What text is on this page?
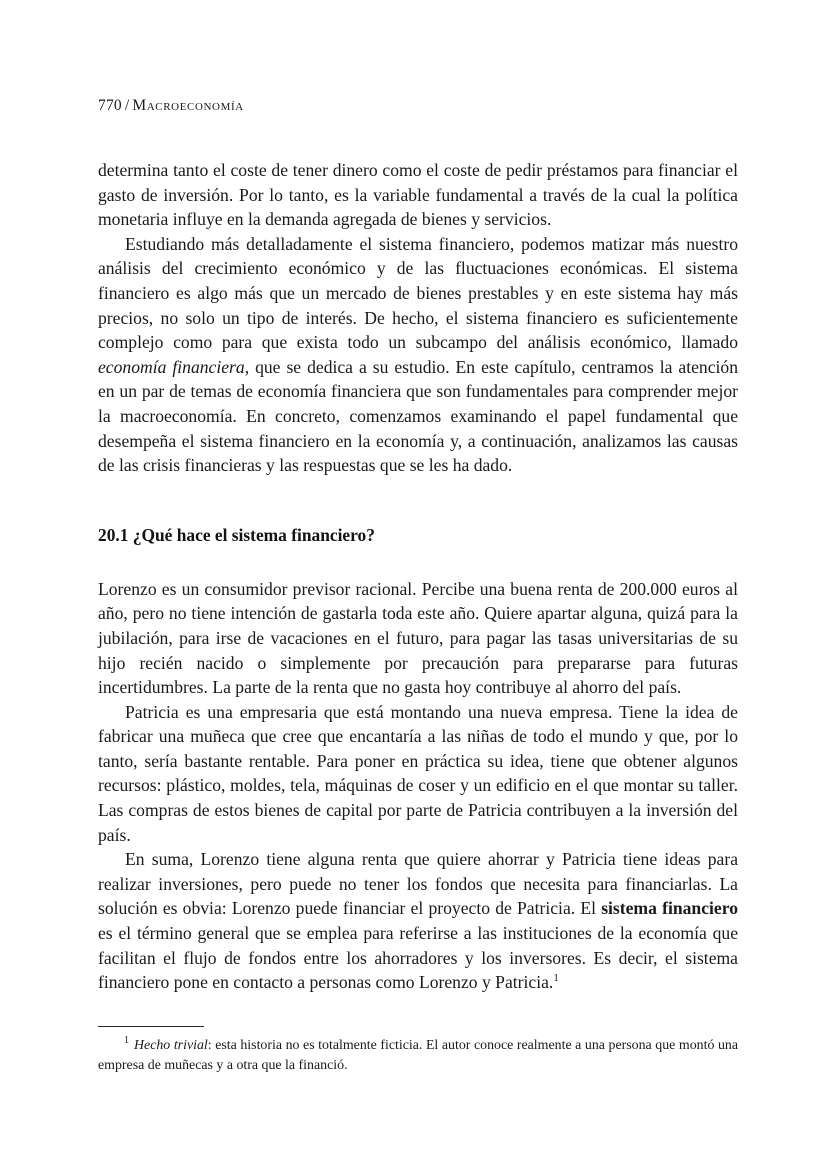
770 / Macroeconomía

determina tanto el coste de tener dinero como el coste de pedir préstamos para financiar el gasto de inversión. Por lo tanto, es la variable fundamental a través de la cual la política monetaria influye en la demanda agregada de bienes y servicios.

Estudiando más detalladamente el sistema financiero, podemos matizar más nuestro análisis del crecimiento económico y de las fluctuaciones económicas. El sistema financiero es algo más que un mercado de bienes prestables y en este sistema hay más precios, no solo un tipo de interés. De hecho, el sistema financiero es suficientemente complejo como para que exista todo un subcampo del análisis económico, llamado economía financiera, que se dedica a su estudio. En este capítulo, centramos la atención en un par de temas de economía financiera que son fundamentales para comprender mejor la macroeconomía. En concreto, comenzamos examinando el papel fundamental que desempeña el sistema financiero en la economía y, a continuación, analizamos las causas de las crisis financieras y las respuestas que se les ha dado.

20.1 ¿Qué hace el sistema financiero?

Lorenzo es un consumidor previsor racional. Percibe una buena renta de 200.000 euros al año, pero no tiene intención de gastarla toda este año. Quiere apartar alguna, quizá para la jubilación, para irse de vacaciones en el futuro, para pagar las tasas universitarias de su hijo recién nacido o simplemente por precaución para prepararse para futuras incertidumbres. La parte de la renta que no gasta hoy contribuye al ahorro del país.

Patricia es una empresaria que está montando una nueva empresa. Tiene la idea de fabricar una muñeca que cree que encantaría a las niñas de todo el mundo y que, por lo tanto, sería bastante rentable. Para poner en práctica su idea, tiene que obtener algunos recursos: plástico, moldes, tela, máquinas de coser y un edificio en el que montar su taller. Las compras de estos bienes de capital por parte de Patricia contribuyen a la inversión del país.

En suma, Lorenzo tiene alguna renta que quiere ahorrar y Patricia tiene ideas para realizar inversiones, pero puede no tener los fondos que necesita para financiarlas. La solución es obvia: Lorenzo puede financiar el proyecto de Patricia. El sistema financiero es el término general que se emplea para referirse a las instituciones de la economía que facilitan el flujo de fondos entre los ahorradores y los inversores. Es decir, el sistema financiero pone en contacto a personas como Lorenzo y Patricia.$^1$

$^1$ Hecho trivial: esta historia no es totalmente ficticia. El autor conoce realmente a una persona que montó una empresa de muñecas y a otra que la financió.
